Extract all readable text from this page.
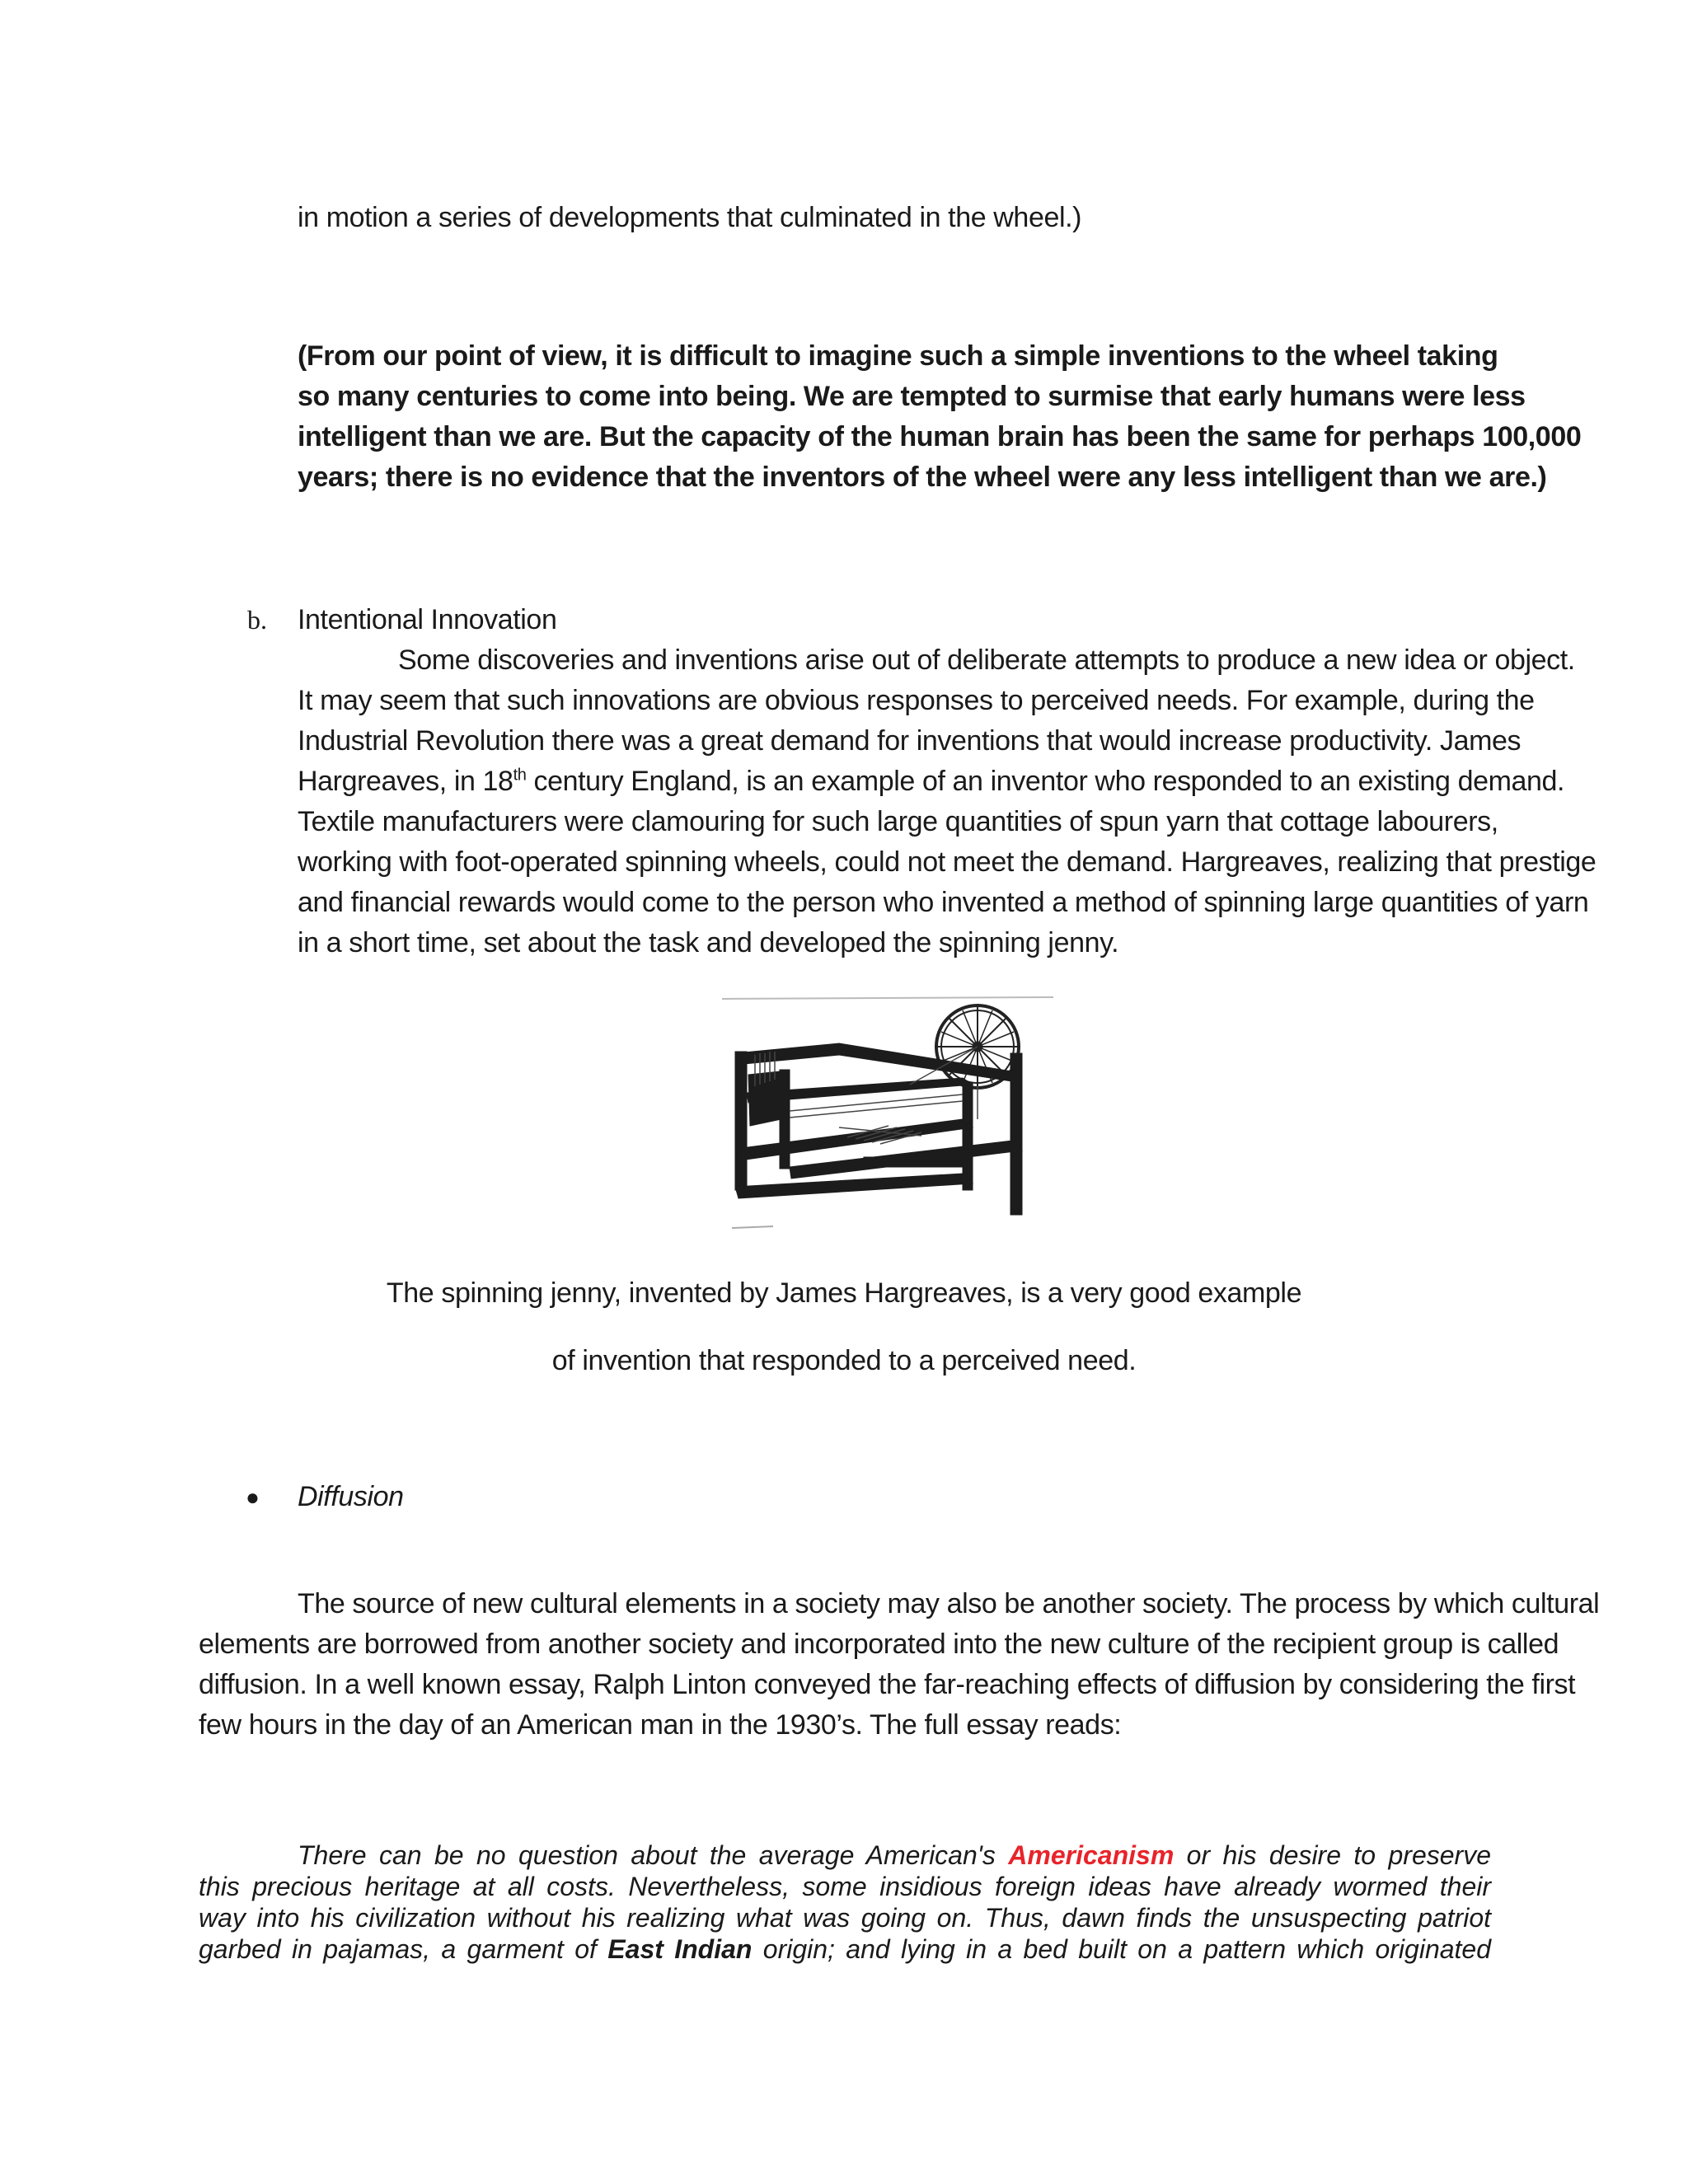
in motion a series of developments that culminated in the wheel.)

(From our point of view, it is difficult to imagine such a simple inventions to the wheel taking
so many centuries to come into being. We are tempted to surmise that early humans were less
intelligent than we are. But the capacity of the human brain has been the same for perhaps 100,000
years; there is no evidence that the inventors of the wheel were any less intelligent than we are.)
b. Intentional Innovation
Some discoveries and inventions arise out of deliberate attempts to produce a new idea or object.
It may seem that such innovations are obvious responses to perceived needs. For example, during the
Industrial Revolution there was a great demand for inventions that would increase productivity. James
Hargreaves, in 18th century England, is an example of an inventor who responded to an existing demand.
Textile manufacturers were clamouring for such large quantities of spun yarn that cottage labourers,
working with foot-operated spinning wheels, could not meet the demand. Hargreaves, realizing that prestige
and financial rewards would come to the person who invented a method of spinning large quantities of yarn
in a short time, set about the task and developed the spinning jenny.
The spinning jenny, invented by James Hargreaves, is a very good example
of invention that responded to a perceived need.
● Diffusion
The source of new cultural elements in a society may also be another society. The process by which cultural
elements are borrowed from another society and incorporated into the new culture of the recipient group is called
diffusion. In a well known essay, Ralph Linton conveyed the far-reaching effects of diffusion by considering the first
few hours in the day of an American man in the 1930’s. The full essay reads:
There can be no question about the average American's Americanism or his desire to preserve
this precious heritage at all costs. Nevertheless, some insidious foreign ideas have already wormed their
way into his civilization without his realizing what was going on. Thus, dawn finds the unsuspecting patriot
garbed in pajamas, a garment of East Indian origin; and lying in a bed built on a pattern which originated
